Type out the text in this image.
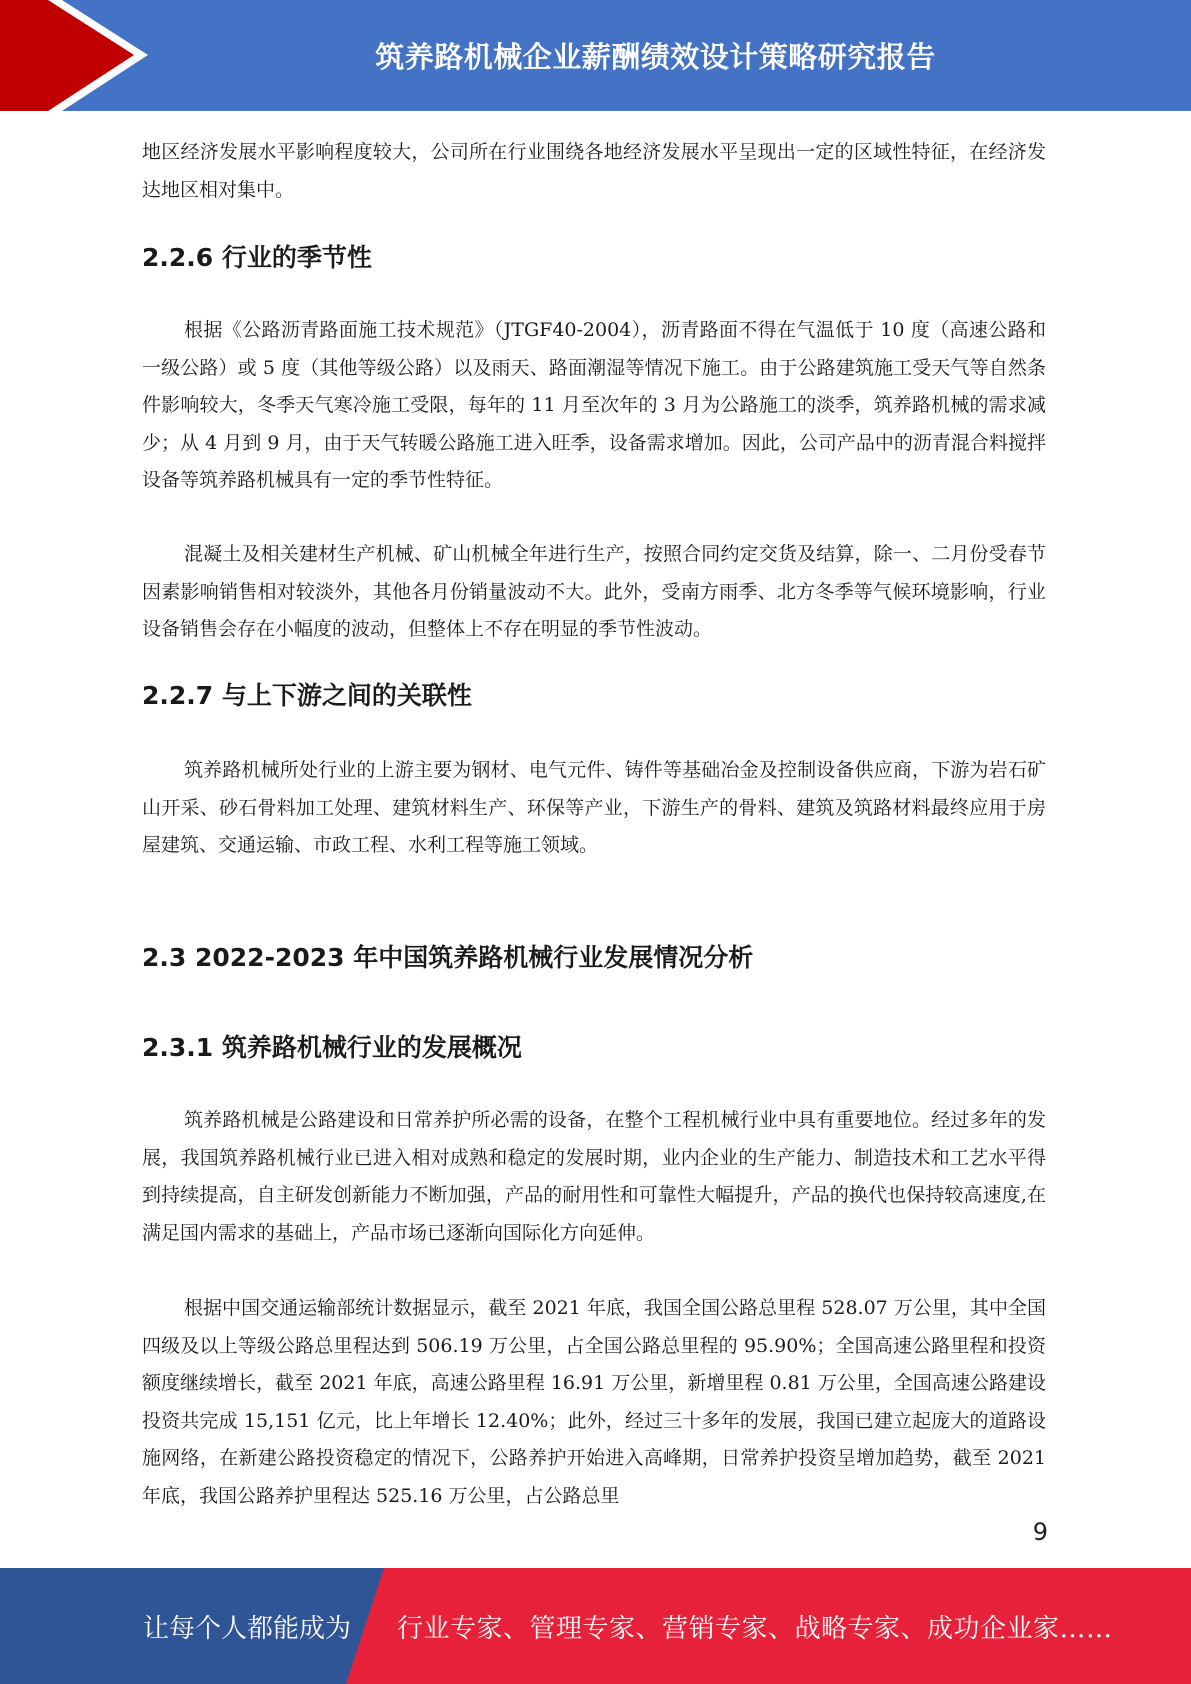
筑养路机械企业薪酬绩效设计策略研究报告

地区经济发展水平影响程度较大，公司所在行业围绕各地经济发展水平呈现出一定的区域性特征，在经济发达地区相对集中。

2.2.6 行业的季节性

根据《公路沥青路面施工技术规范》（JTGF40-2004），沥青路面不得在气温低于 10 度（高速公路和一级公路）或 5 度（其他等级公路）以及雨天、路面潮湿等情况下施工。由于公路建筑施工受天气等自然条件影响较大，冬季天气寒冷施工受限，每年的 11 月至次年的 3 月为公路施工的淡季，筑养路机械的需求减少；从 4 月到 9 月，由于天气转暖公路施工进入旺季，设备需求增加。因此，公司产品中的沥青混合料搅拌设备等筑养路机械具有一定的季节性特征。

混凝土及相关建材生产机械、矿山机械全年进行生产，按照合同约定交货及结算，除一、二月份受春节因素影响销售相对较淡外，其他各月份销量波动不大。此外，受南方雨季、北方冬季等气候环境影响，行业设备销售会存在小幅度的波动，但整体上不存在明显的季节性波动。

2.2.7 与上下游之间的关联性

筑养路机械所处行业的上游主要为钢材、电气元件、铸件等基础冶金及控制设备供应商，下游为岩石矿山开采、砂石骨料加工处理、建筑材料生产、环保等产业，下游生产的骨料、建筑及筑路材料最终应用于房屋建筑、交通运输、市政工程、水利工程等施工领域。

2.3 2022-2023 年中国筑养路机械行业发展情况分析
2.3.1 筑养路机械行业的发展概况

筑养路机械是公路建设和日常养护所必需的设备，在整个工程机械行业中具有重要地位。经过多年的发展，我国筑养路机械行业已进入相对成熟和稳定的发展时期，业内企业的生产能力、制造技术和工艺水平得到持续提高，自主研发创新能力不断加强，产品的耐用性和可靠性大幅提升，产品的换代也保持较高速度,在满足国内需求的基础上，产品市场已逐渐向国际化方向延伸。

根据中国交通运输部统计数据显示，截至 2021 年底，我国全国公路总里程 528.07 万公里，其中全国四级及以上等级公路总里程达到 506.19 万公里，占全国公路总里程的 95.90%；全国高速公路里程和投资额度继续增长，截至 2021 年底，高速公路里程 16.91 万公里，新增里程 0.81 万公里，全国高速公路建设投资共完成 15,151 亿元，比上年增长 12.40%；此外，经过三十多年的发展，我国已建立起庞大的道路设施网络，在新建公路投资稳定的情况下，公路养护开始进入高峰期，日常养护投资呈增加趋势，截至 2021 年底，我国公路养护里程达 525.16 万公里，占公路总里

9
让每个人都能成为 行业专家、管理专家、营销专家、战略专家、成功企业家……
